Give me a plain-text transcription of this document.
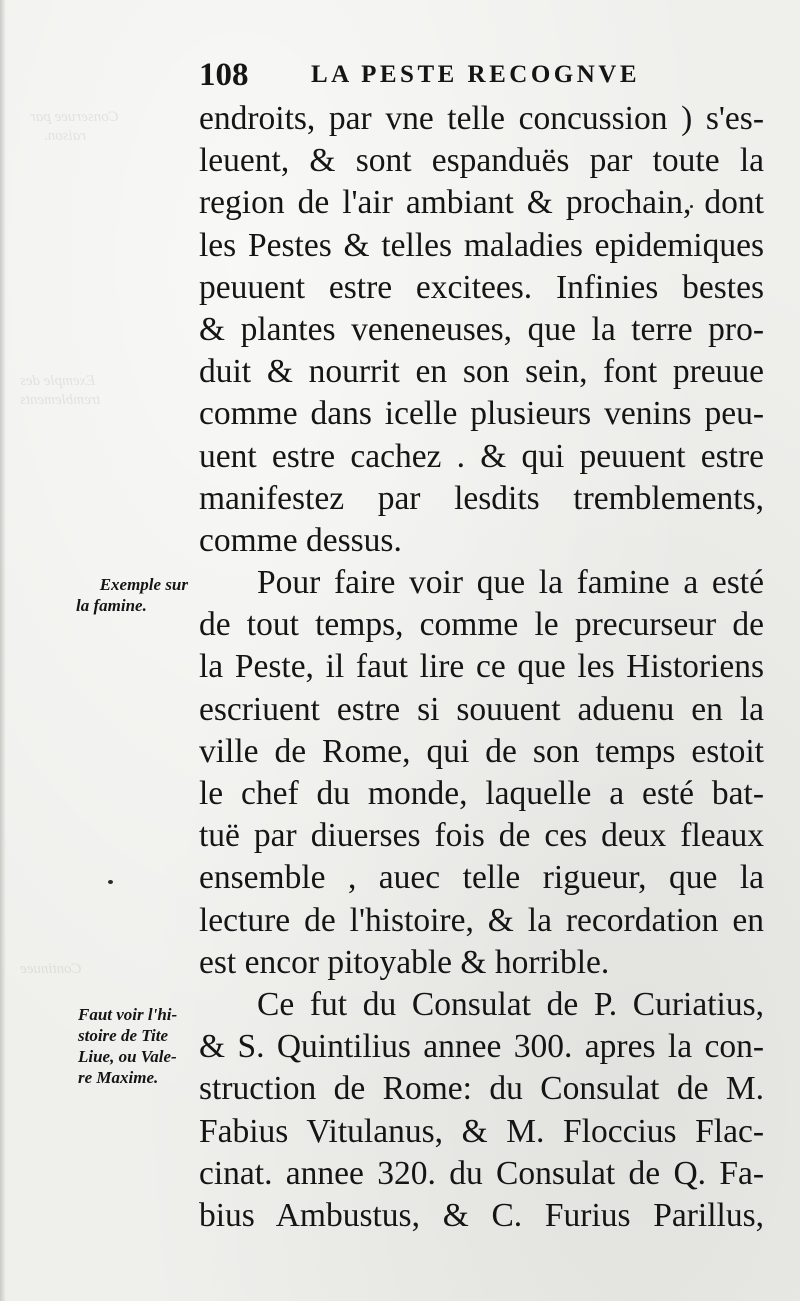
Conseruee par
raison.
Exemple des
tremblements
Continuee
108	LA PESTE RECOGNVE
endroits, par vne telle concussion ) s'es-
leuent, & sont espanduës par toute la
region de l'air ambiant & prochain, dont
les Pestes & telles maladies epidemiques
peuuent estre excitees. Infinies bestes
& plantes veneneuses, que la terre pro-
duit & nourrit en son sein, font preuue
comme dans icelle plusieurs venins peu-
uent estre cachez . & qui peuuent estre
manifestez par lesdits tremblements,
comme dessus.
Pour faire voir que la famine a esté
de tout temps, comme le precurseur de
la Peste, il faut lire ce que les Historiens
escriuent estre si souuent aduenu en la
ville de Rome, qui de son temps estoit
le chef du monde, laquelle a esté bat-
tuë par diuerses fois de ces deux fleaux
ensemble , auec telle rigueur, que la
lecture de l'histoire, & la recordation en
est encor pitoyable & horrible.
Ce fut du Consulat de P. Curiatius,
& S. Quintilius annee 300. apres la con-
struction de Rome: du Consulat de M.
Fabius Vitulanus, & M. Floccius Flac-
cinat. annee 320. du Consulat de Q. Fa-
bius Ambustus, & C. Furius Parillus,
Exemple sur
la famine.
Faut voir l'hi-
stoire de Tite
Liue, ou Vale-
re Maxime.
